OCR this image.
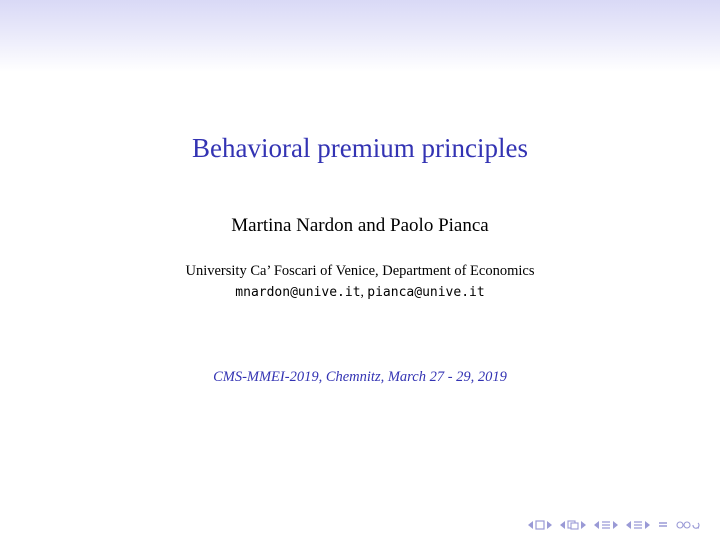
Behavioral premium principles
Martina Nardon and Paolo Pianca
University Ca’ Foscari of Venice, Department of Economics
mnardon@unive.it, pianca@unive.it
CMS-MMEI-2019, Chemnitz, March 27 - 29, 2019
